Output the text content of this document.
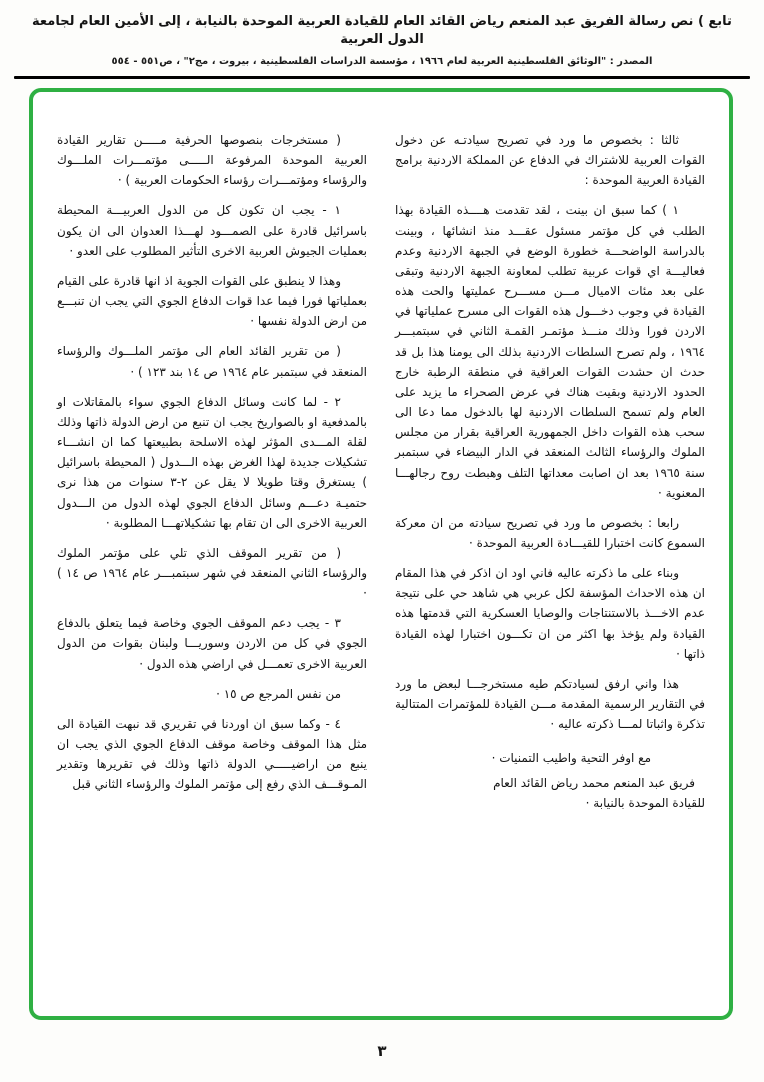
تابع ) نص رسالة الفريق عبد المنعم رياض القائد العام للقيادة العربية الموحدة بالنيابة ، إلى الأمين العام لجامعة الدول العربية
المصدر : "الوثائق الفلسطينية العربية لعام ١٩٦٦ ، مؤسسة الدراسات الفلسطينية ، بيروت ، مج٢" ، ص٥٥١ - ٥٥٤

ثالثا : بخصوص ما ورد في تصريح سيادتـه عن دخول القوات العربية للاشتراك في الدفاع عن المملكة الاردنية برامج القيادة العربية الموحدة :

١ ) كما سبق ان بينت ، لقد تقدمت هــــذه القيادة بهذا الطلب في كل مؤتمر مسئول عقـــد منذ انشائها ، وبينت بالدراسة الواضحـــة خطورة الوضع في الجبهة الاردنية وعدم فعاليـــة اي قوات عربية تطلب لمعاونة الجبهة الاردنية وتبقى على بعد مئات الاميال مـــن مســـرح عمليتها والحت هذه القيادة في وجوب دخـــول هذه القوات الى مسرح عملياتها في الاردن فورا وذلك منـــذ مؤتمـر القمـة الثاني في سبتمبـــر ١٩٦٤ ، ولم تصرح السلطات الاردنية بذلك الى يومنا هذا بل قد حدث ان حشدت القوات العراقية في منطقة الرطبة خارج الحدود الاردنية وبقيت هناك في عرض الصحراء ما يزيد على العام ولم تسمح السلطات الاردنية لها بالدخول مما دعا الى سحب هذه القوات داخل الجمهورية العراقية بقرار من مجلس الملوك والرؤساء الثالث المنعقد في الدار البيضاء في سبتمبر سنة ١٩٦٥ بعد ان اصابت معداتها التلف وهبطت روح رجالهـــا المعنوية ·

رابعا : بخصوص ما ورد في تصريح سيادته من ان معركة السموع كانت اختبارا للقيـــادة العربية الموحدة ·

وبناء على ما ذكرته عاليه فاني اود ان اذكر في هذا المقام ان هذه الاحداث المؤسفة لكل عربي هي شاهد حي على نتيجة عدم الاخـــذ بالاستنتاجات والوصايا العسكرية التي قدمتها هذه القيادة ولم يؤخذ بها اكثر من ان تكـــون اختبارا لهذه القيادة ذاتها ·

هذا واني ارفق لسيادتكم طيه مستخرجـــا لبعض ما ورد في التقارير الرسمية المقدمة مـــن القيادة للمؤتمرات المتتالية تذكرة واثباتا لمـــا ذكرته عاليه ·

مع اوفر التحية واطيب التمنيات ·

فريق عبد المنعم محمد رياض القائد العام

للقيادة الموحدة بالنيابة ·

( مستخرجات بنصوصها الحرفية مـــــن تقارير القيادة العربية الموحدة المرفوعة الـــــى مؤتمـــرات الملـــوك والرؤساء ومؤتمـــرات رؤساء الحكومات العربية ) ·

١ - يجب ان تكون كل من الدول العربيـــة المحيطة باسرائيل قادرة على الصمـــود لهـــذا العدوان الى ان يكون بعمليات الجيوش العربية الاخرى التأثير المطلوب على العدو ·

وهذا لا ينطبق على القوات الجوية اذ انها قادرة على القيام بعملياتها فورا فيما عدا قوات الدفاع الجوي التي يجب ان تنبـــع من ارض الدولة نفسها ·

( من تقرير القائد العام الى مؤتمر الملـــوك والرؤساء المنعقد في سبتمبر عام ١٩٦٤ ص ١٤ بند ١٢٣ ) ·

٢ - لما كانت وسائل الدفاع الجوي سواء بالمقاتلات او بالمدفعية او بالصواريخ يجب ان تنبع من ارض الدولة ذاتها وذلك لقلة المـــدى المؤثر لهذه الاسلحة بطبيعتها كما ان انشـــاء تشكيلات جديدة لهذا الغرض بهذه الـــدول ( المحيطة باسرائيل ) يستغرق وقتا طويلا لا يقل عن ٢-٣ سنوات من هذا نرى حتميـة دعـــم وسائل الدفاع الجوي لهذه الدول من الـــدول العربية الاخرى الى ان تقام بها تشكيلاتهـــا المطلوبة ·

( من تقرير الموقف الذي تلي على مؤتمر الملوك والرؤساء الثاني المنعقد في شهر سبتمبـــر عام ١٩٦٤ ص ١٤ ) ·

٣ - يجب دعم الموقف الجوي وخاصة فيما يتعلق بالدفاع الجوي في كل من الاردن وسوريـــا ولبنان بقوات من الدول العربية الاخرى تعمـــل في اراضي هذه الدول ·

من نفس المرجع ص ١٥ ·

٤ - وكما سبق ان اوردنا في تقريري قد نبهت القيادة الى مثل هذا الموقف وخاصة موقف الدفاع الجوي الذي يجب ان ينبع من اراضيـــــي الدولة ذاتها وذلك في تقريرها وتقدير المـوقـــف الذي رفع إلى مؤتمر الملوك والرؤساء الثاني قبل

٣
